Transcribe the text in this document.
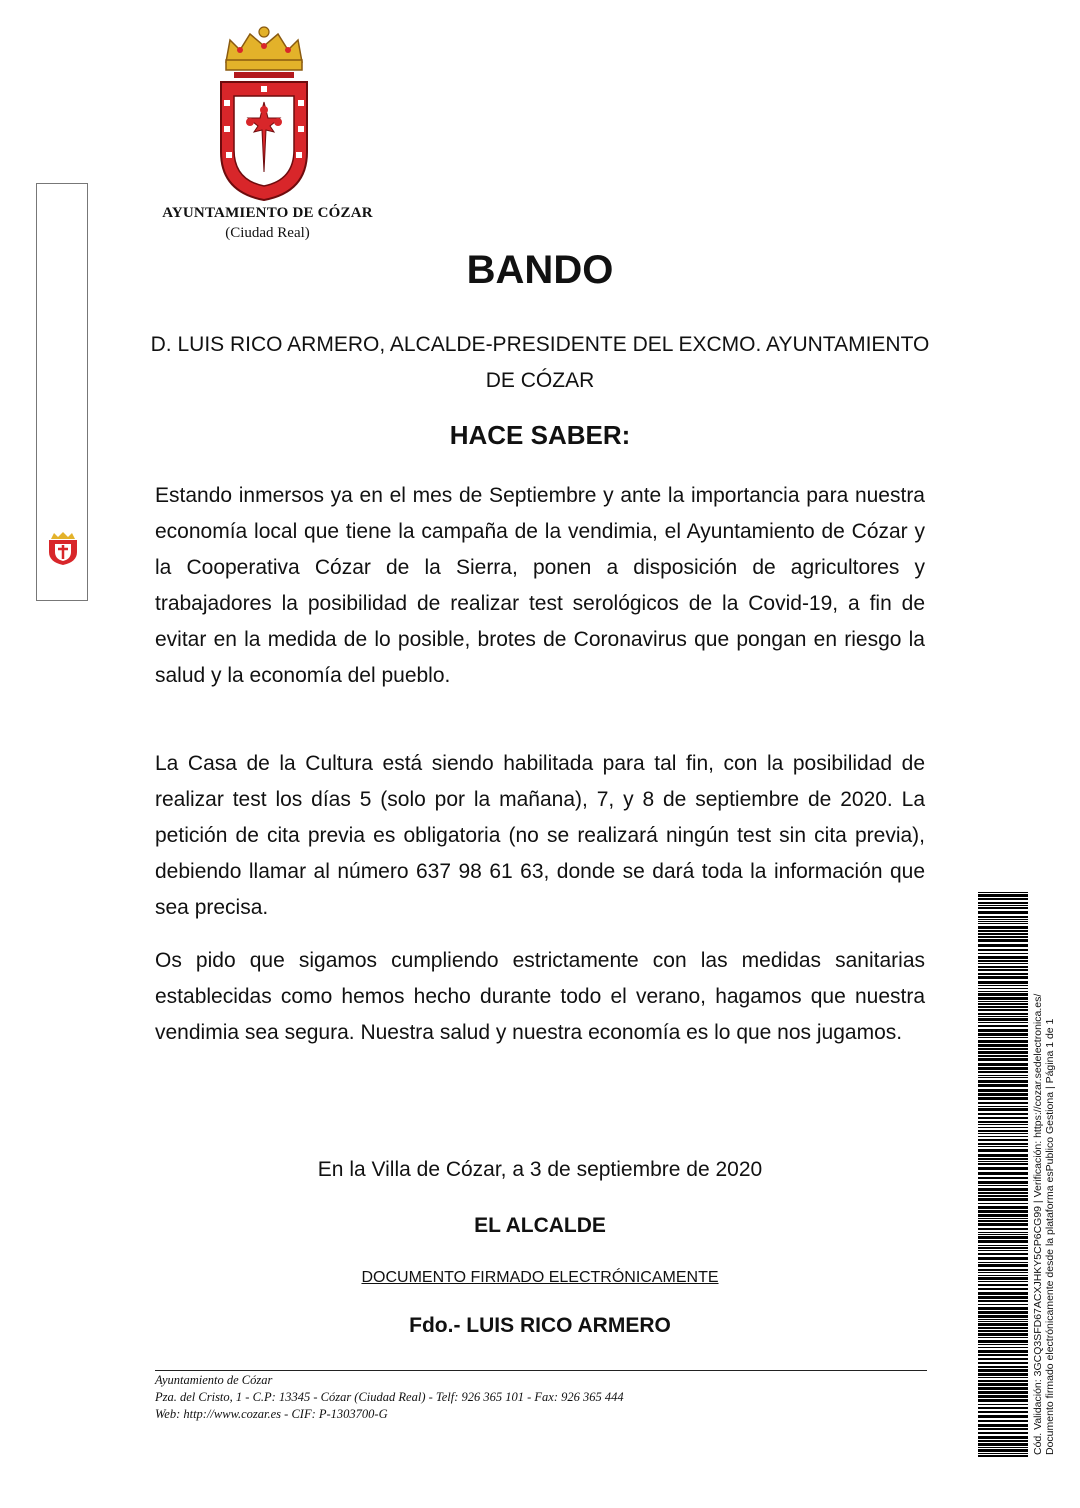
AYUNTAMIENTO DE CÓZAR
(Ciudad Real)
BANDO
D. LUIS RICO ARMERO, ALCALDE-PRESIDENTE DEL EXCMO. AYUNTAMIENTO DE CÓZAR
HACE SABER:
Estando inmersos ya en el mes de Septiembre y ante la importancia para nuestra economía local que tiene la campaña de la vendimia, el Ayuntamiento de Cózar y la Cooperativa Cózar de la Sierra, ponen a disposición de agricultores y trabajadores la posibilidad de realizar test serológicos de la Covid-19, a fin de evitar en la medida de lo posible, brotes de Coronavirus que pongan en riesgo la salud y la economía del pueblo.
La Casa de la Cultura está siendo habilitada para tal fin, con la posibilidad de realizar test los días 5 (solo por la mañana), 7, y 8 de septiembre de 2020. La petición de cita previa es obligatoria (no se realizará ningún test sin cita previa), debiendo llamar al número 637 98 61 63, donde se dará toda la información que sea precisa.
Os pido que sigamos cumpliendo estrictamente con las medidas sanitarias establecidas como hemos hecho durante todo el verano, hagamos que nuestra vendimia sea segura. Nuestra salud y nuestra economía es lo que nos jugamos.
En la Villa de Cózar, a 3 de septiembre de 2020
EL ALCALDE
DOCUMENTO FIRMADO ELECTRÓNICAMENTE
Fdo.- LUIS RICO ARMERO
Ayuntamiento de Cózar
Pza. del Cristo, 1 - C.P: 13345 - Cózar (Ciudad Real) - Telf: 926 365 101 - Fax: 926 365 444
Web: http://www.cozar.es - CIF: P-1303700-G	Cód. Validación: 3GCQ3SFD67ACXJHKY5CP6CG99 | Verificación: https://cozar.sedelectronica.es/ Documento firmado electrónicamente desde la plataforma esPublico Gestiona | Página 1 de 1
